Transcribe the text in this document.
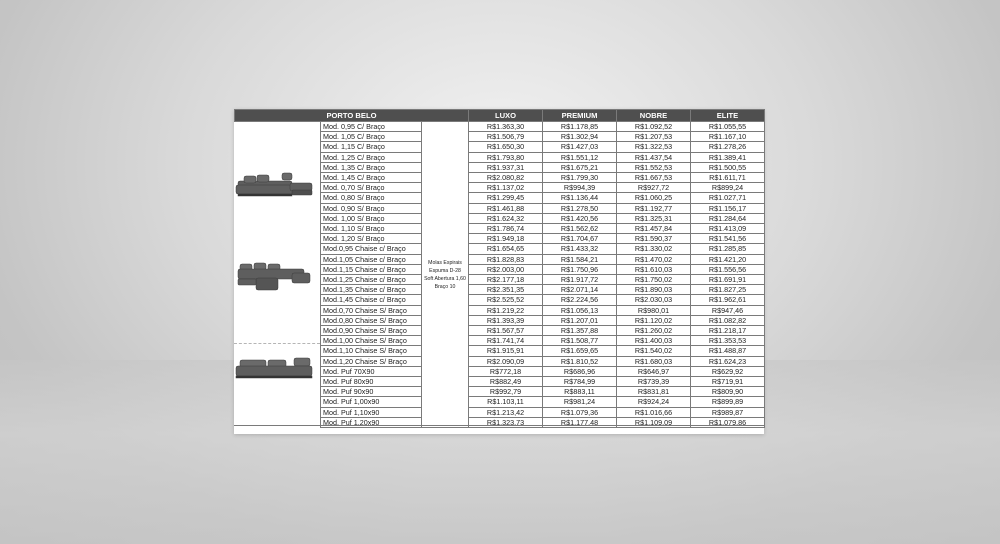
PORTO BELO			LUXO	PREMIUM	NOBRE	ELITE
	Mod. 0,95 C/ Braço	Molas Espirais Espuma D-28 Soft Abertura 1,60 Braço 10	R$1.363,30	R$1.178,85	R$1.092,52	R$1.055,55
	Mod. 1,05 C/ Braço		R$1.506,79	R$1.302,94	R$1.207,53	R$1.167,10
	Mod. 1,15 C/ Braço		R$1.650,30	R$1.427,03	R$1.322,53	R$1.278,26
	Mod. 1,25 C/ Braço		R$1.793,80	R$1.551,12	R$1.437,54	R$1.389,41
	Mod. 1,35 C/ Braço		R$1.937,31	R$1.675,21	R$1.552,53	R$1.500,55
	Mod. 1,45 C/ Braço		R$2.080,82	R$1.799,30	R$1.667,53	R$1.611,71
	Mod. 0,70 S/ Braço		R$1.137,02	R$994,39	R$927,72	R$899,24
	Mod. 0,80 S/ Braço		R$1.299,45	R$1.136,44	R$1.060,25	R$1.027,71
	Mod. 0,90 S/ Braço		R$1.461,88	R$1.278,50	R$1.192,77	R$1.156,17
	Mod. 1,00 S/ Braço		R$1.624,32	R$1.420,56	R$1.325,31	R$1.284,64
	Mod. 1,10 S/ Braço		R$1.786,74	R$1.562,62	R$1.457,84	R$1.413,09
	Mod. 1,20 S/ Braço		R$1.949,18	R$1.704,67	R$1.590,37	R$1.541,56
	Mod.0,95 Chaise c/ Braço		R$1.654,65	R$1.433,32	R$1.330,02	R$1.285,85
	Mod.1,05 Chaise c/ Braço		R$1.828,83	R$1.584,21	R$1.470,02	R$1.421,20
	Mod.1,15 Chaise c/ Braço		R$2.003,00	R$1.750,96	R$1.610,03	R$1.556,56
	Mod.1,25 Chaise c/ Braço		R$2.177,18	R$1.917,72	R$1.750,02	R$1.691,91
	Mod.1,35 Chaise c/ Braço		R$2.351,35	R$2.071,14	R$1.890,03	R$1.827,25
	Mod.1,45 Chaise c/ Braço		R$2.525,52	R$2.224,56	R$2.030,03	R$1.962,61
	Mod.0,70 Chaise S/ Braço		R$1.219,22	R$1.056,13	R$980,01	R$947,46
	Mod.0,80 Chaise S/ Braço		R$1.393,39	R$1.207,01	R$1.120,02	R$1.082,82
	Mod.0,90 Chaise S/ Braço		R$1.567,57	R$1.357,88	R$1.260,02	R$1.218,17
	Mod.1,00 Chaise S/ Braço		R$1.741,74	R$1.508,77	R$1.400,03	R$1.353,53
	Mod.1,10 Chaise S/ Braço		R$1.915,91	R$1.659,65	R$1.540,02	R$1.488,87
	Mod.1,20 Chaise S/ Braço		R$2.090,09	R$1.810,52	R$1.680,03	R$1.624,23
	Mod. Puf 70X90		R$772,18	R$686,96	R$646,97	R$629,92
	Mod. Puf 80x90		R$882,49	R$784,99	R$739,39	R$719,91
	Mod. Puf 90x90		R$992,79	R$883,11	R$831,81	R$809,90
	Mod. Puf 1,00x90		R$1.103,11	R$981,24	R$924,24	R$899,89
	Mod. Puf 1,10x90		R$1.213,42	R$1.079,36	R$1.016,66	R$989,87
	Mod. Puf 1,20x90		R$1.323,73	R$1.177,48	R$1.109,09	R$1.079,86
